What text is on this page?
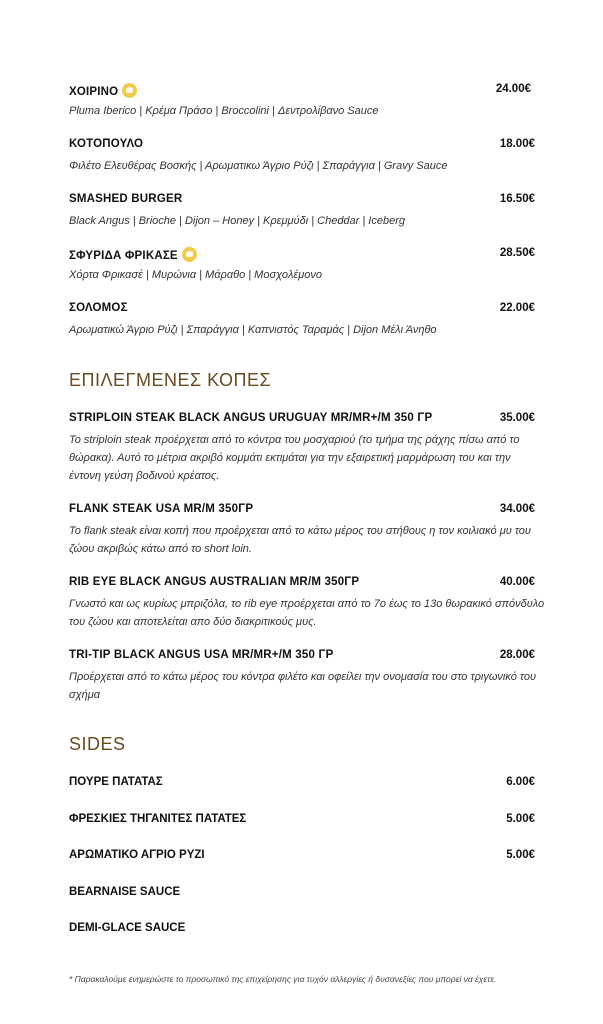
ΧΟΙΡΙΝΟ	24.00€
Pluma Iberico | Κρέμα Πράσο | Broccolini | Δεντρολίβανο Sauce
ΚΟΤΟΠΟΥΛΟ	18.00€
Φιλέτο Ελευθέρας Βοσκής | Αρωματικω Άγριο Ρύζι | Σπαράγγια | Gravy Sauce
SMASHED BURGER	16.50€
Black Angus | Brioche | Dijon – Honey | Κρεμμύδι | Cheddar | Iceberg
ΣΦΥΡΙΔΑ ΦΡΙΚΑΣΕ	28.50€
Χόρτα Φρικασέ | Μυρώνια | Μάραθο | Μοσχολέμονο
ΣΟΛΟΜΟΣ	22.00€
Αρωματικώ Άγριο Ρύζι | Σπαράγγια | Καπνιστός Ταραμάς | Dijon Μέλι Άνηθο
ΕΠΙΛΕΓΜΕΝΕΣ ΚΟΠΕΣ
STRIPLOIN STEAK BLACK ANGUS URUGUAY MR/MR+/M 350 ΓΡ	35.00€
Το striploin steak προέρχεται από το κόντρα του μοσχαριού (το τμήμα της ράχης πίσω από το θώρακα). Αυτό το μέτρια ακριβό κομμάτι εκτιμάται για την εξαιρετική μαρμάρωση του και την έντονη γεύση βοδινού κρέατος.
FLANK STEAK USA MR/M 350ΓΡ	34.00€
Το flank steak είναι κοπή που προέρχεται από το κάτω μέρος του στήθους η τον κοιλιακό μυ του ζώου ακριβώς κάτω από το short loin.
RIB EYE BLACK ANGUS AUSTRALIAN MR/M 350ΓΡ	40.00€
Γνωστό και ως κυρίως μπριζόλα, το rib eye προέρχεται από το 7ο έως το 13ο θωρακικό σπόνδυλο του ζώου και αποτελείται απο δύο διακριτικούς μυς.
TRI-TIP BLACK ANGUS USA MR/MR+/M 350 ΓΡ	28.00€
Προέρχεται από το κάτω μέρος του κόντρα φιλέτο και οφείλει την ονομασία του στο τριγωνικό του σχήμα
SIDES
ΠΟΥΡΕ ΠΑΤΑΤΑΣ	6.00€
ΦΡΕΣΚΙΕΣ ΤΗΓΑΝΙΤΕΣ ΠΑΤΑΤΕΣ	5.00€
ΑΡΩΜΑΤΙΚΟ ΑΓΡΙΟ ΡΥΖΙ	5.00€
BEARNAISE SAUCE
DEMI-GLACE SAUCE
* Παρακαλούμε ενημερώστε το προσωπικό της επιχείρησης για τυχόν αλλεργίες ή δυσανεξίες που μπορεί να έχετε.
